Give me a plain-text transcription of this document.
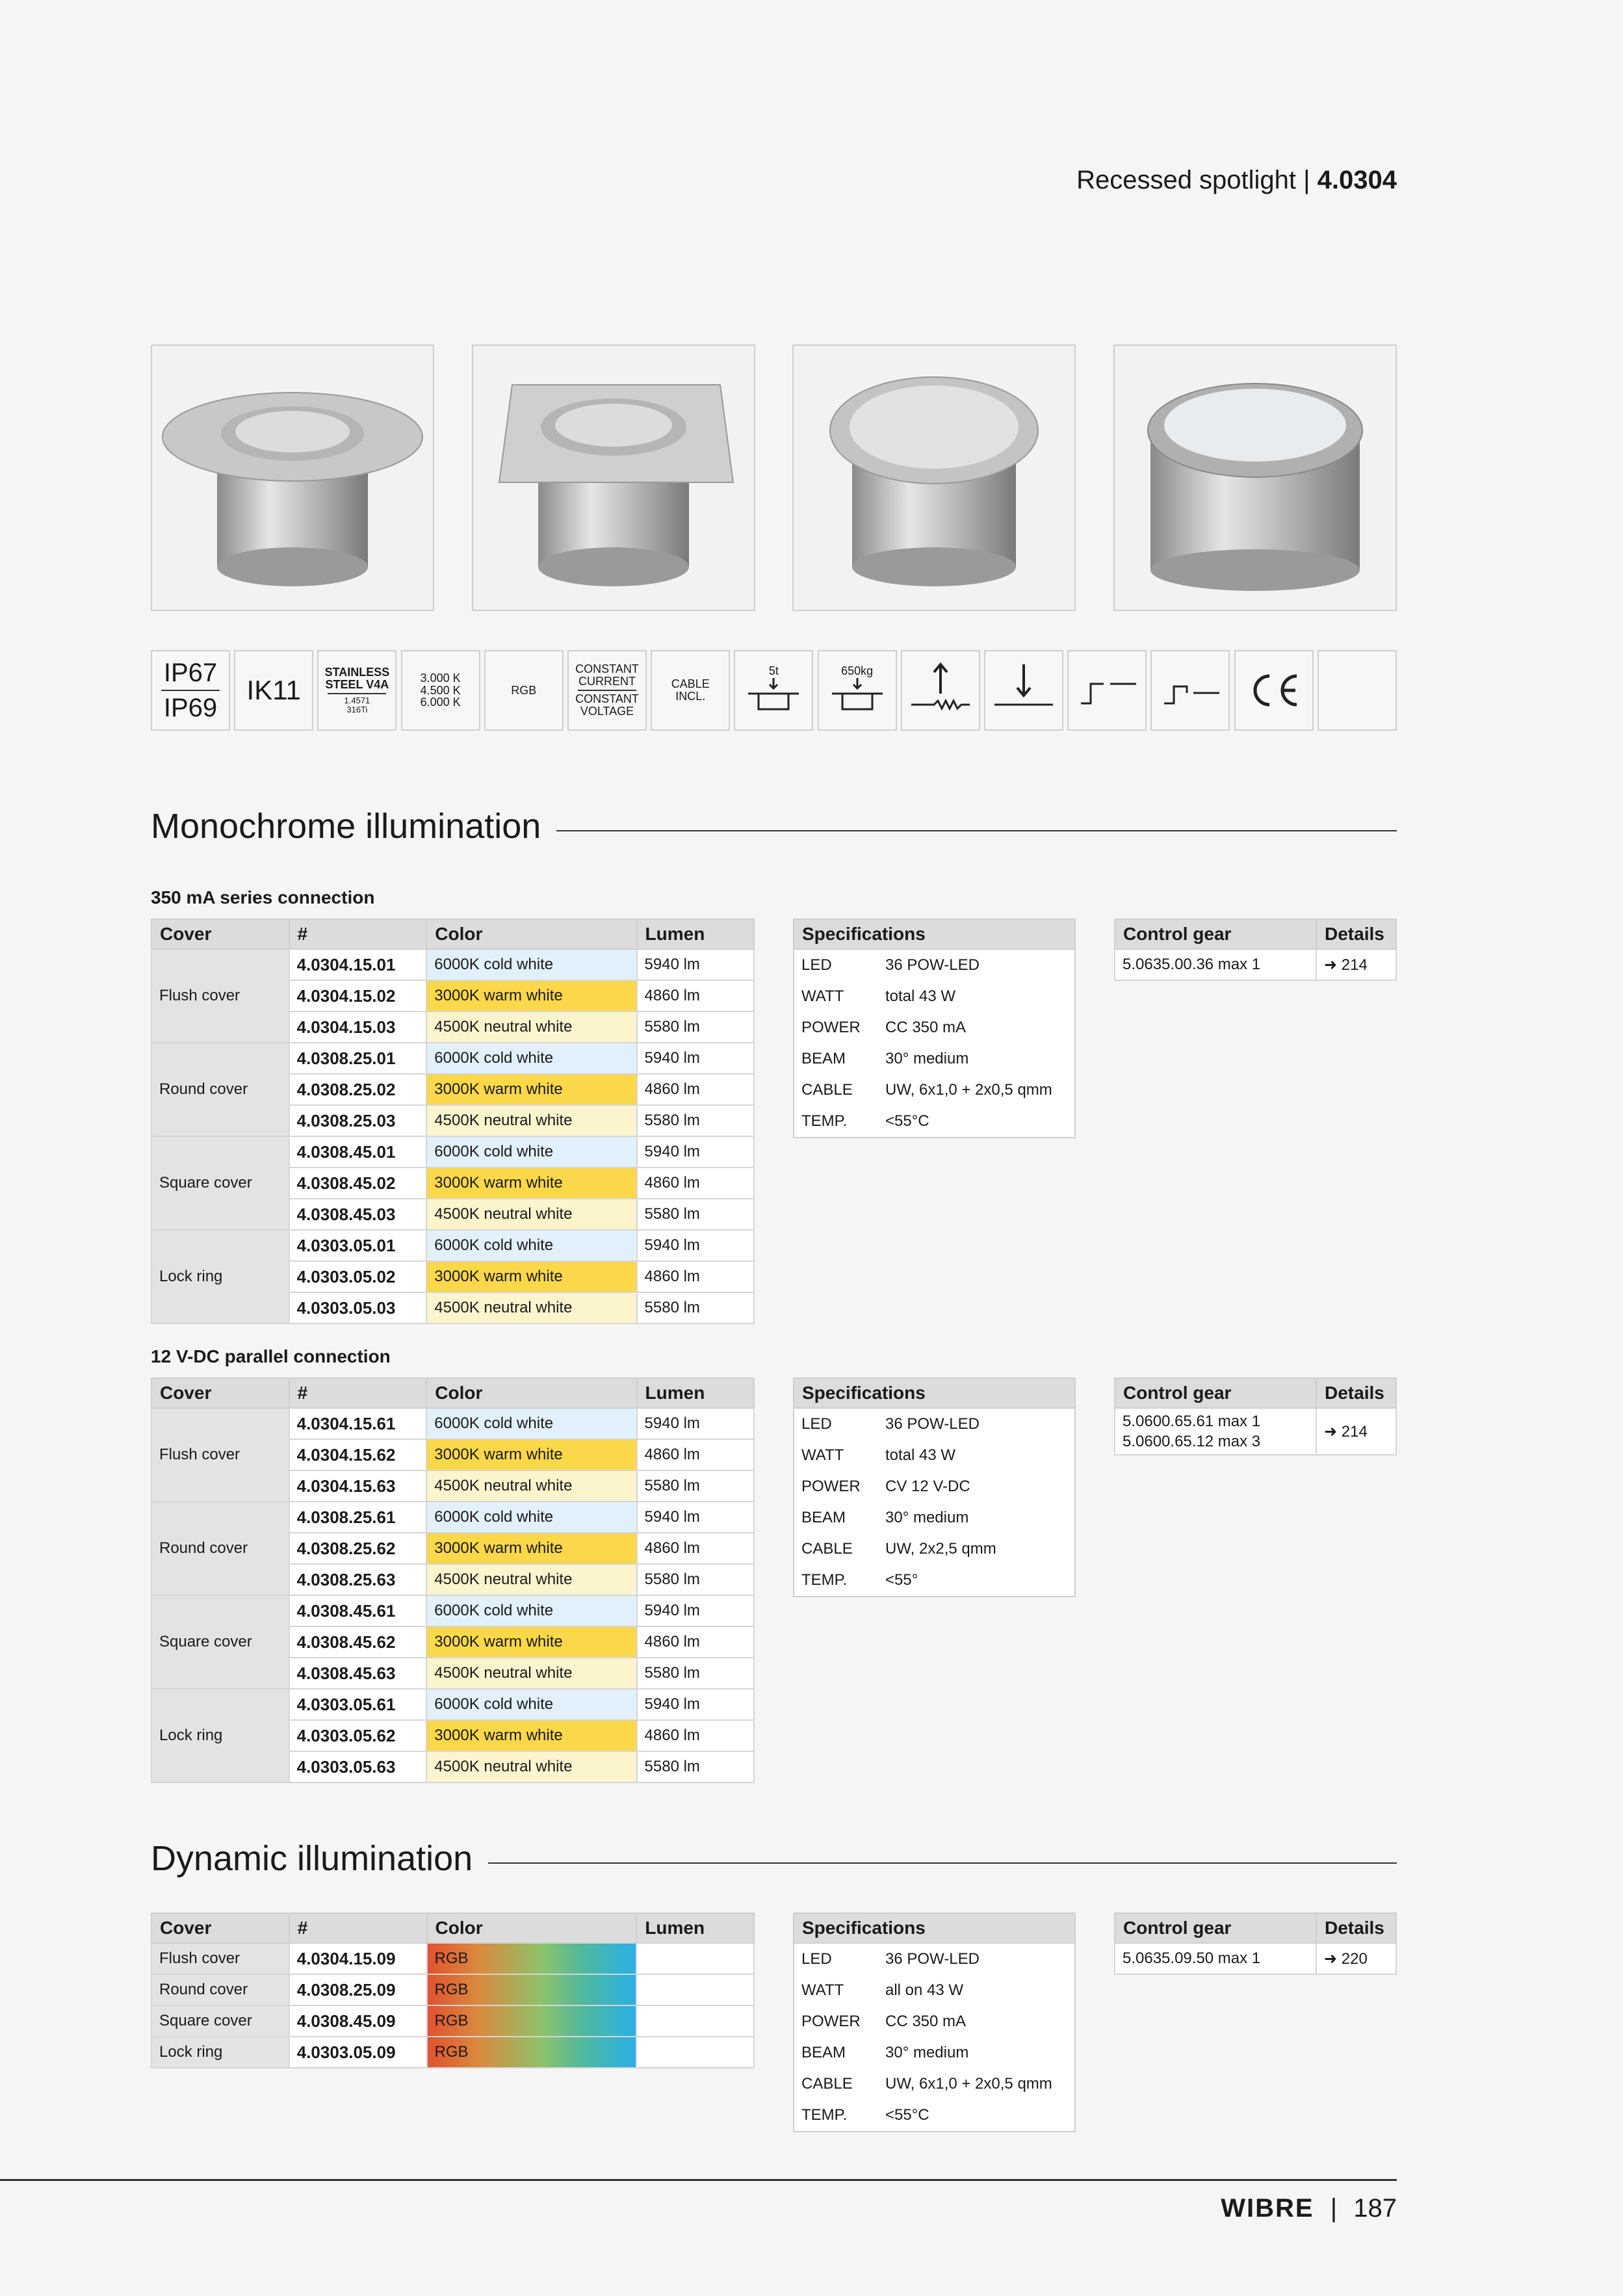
Recessed spotlight | 4.0304
IP67
IP69
IK11
STAINLESS
STEEL V4A
1.4571
316Ti
3.000 K
4.500 K
6.000 K
RGB
CONSTANT
CURRENT
CONSTANT
VOLTAGE
CABLE
INCL.
5t	650kg
Monochrome illumination
350 mA series connection
Cover	#	Color	Lumen
Flush cover	4.0304.15.01	6000K cold white	5940 lm
	4.0304.15.02	3000K warm white	4860 lm
	4.0304.15.03	4500K neutral white	5580 lm
Round cover	4.0308.25.01	6000K cold white	5940 lm
	4.0308.25.02	3000K warm white	4860 lm
	4.0308.25.03	4500K neutral white	5580 lm
Square cover	4.0308.45.01	6000K cold white	5940 lm
	4.0308.45.02	3000K warm white	4860 lm
	4.0308.45.03	4500K neutral white	5580 lm
Lock ring	4.0303.05.01	6000K cold white	5940 lm
	4.0303.05.02	3000K warm white	4860 lm
	4.0303.05.03	4500K neutral white	5580 lm
Specifications	
LED	36 POW-LED
WATT	total 43 W
POWER	CC 350 mA
BEAM	30° medium
CABLE	UW, 6x1,0 + 2x0,5 qmm
TEMP.	<55°C
Control gear	Details
5.0635.00.36 max 1	➜ 214
12 V-DC parallel connection
Cover	#	Color	Lumen
Flush cover	4.0304.15.61	6000K cold white	5940 lm
	4.0304.15.62	3000K warm white	4860 lm
	4.0304.15.63	4500K neutral white	5580 lm
Round cover	4.0308.25.61	6000K cold white	5940 lm
	4.0308.25.62	3000K warm white	4860 lm
	4.0308.25.63	4500K neutral white	5580 lm
Square cover	4.0308.45.61	6000K cold white	5940 lm
	4.0308.45.62	3000K warm white	4860 lm
	4.0308.45.63	4500K neutral white	5580 lm
Lock ring	4.0303.05.61	6000K cold white	5940 lm
	4.0303.05.62	3000K warm white	4860 lm
	4.0303.05.63	4500K neutral white	5580 lm
Specifications	
LED	36 POW-LED
WATT	total 43 W
POWER	CV 12 V-DC
BEAM	30° medium
CABLE	UW, 2x2,5 qmm
TEMP.	<55°
Control gear	Details

5.0600.65.61 max 1
5.0600.65.12 max 3	➜ 214
Dynamic illumination
Cover	#	Color	Lumen
Flush cover	4.0304.15.09	RGB	
Round cover	4.0308.25.09	RGB	
Square cover	4.0308.45.09	RGB	
Lock ring	4.0303.05.09	RGB	
Specifications	
LED	36 POW-LED
WATT	all on 43 W
POWER	CC 350 mA
BEAM	30° medium
CABLE	UW, 6x1,0 + 2x0,5 qmm
TEMP.	<55°C
Control gear	Details
5.0635.09.50 max 1	➜ 220
WIBRE | 187
